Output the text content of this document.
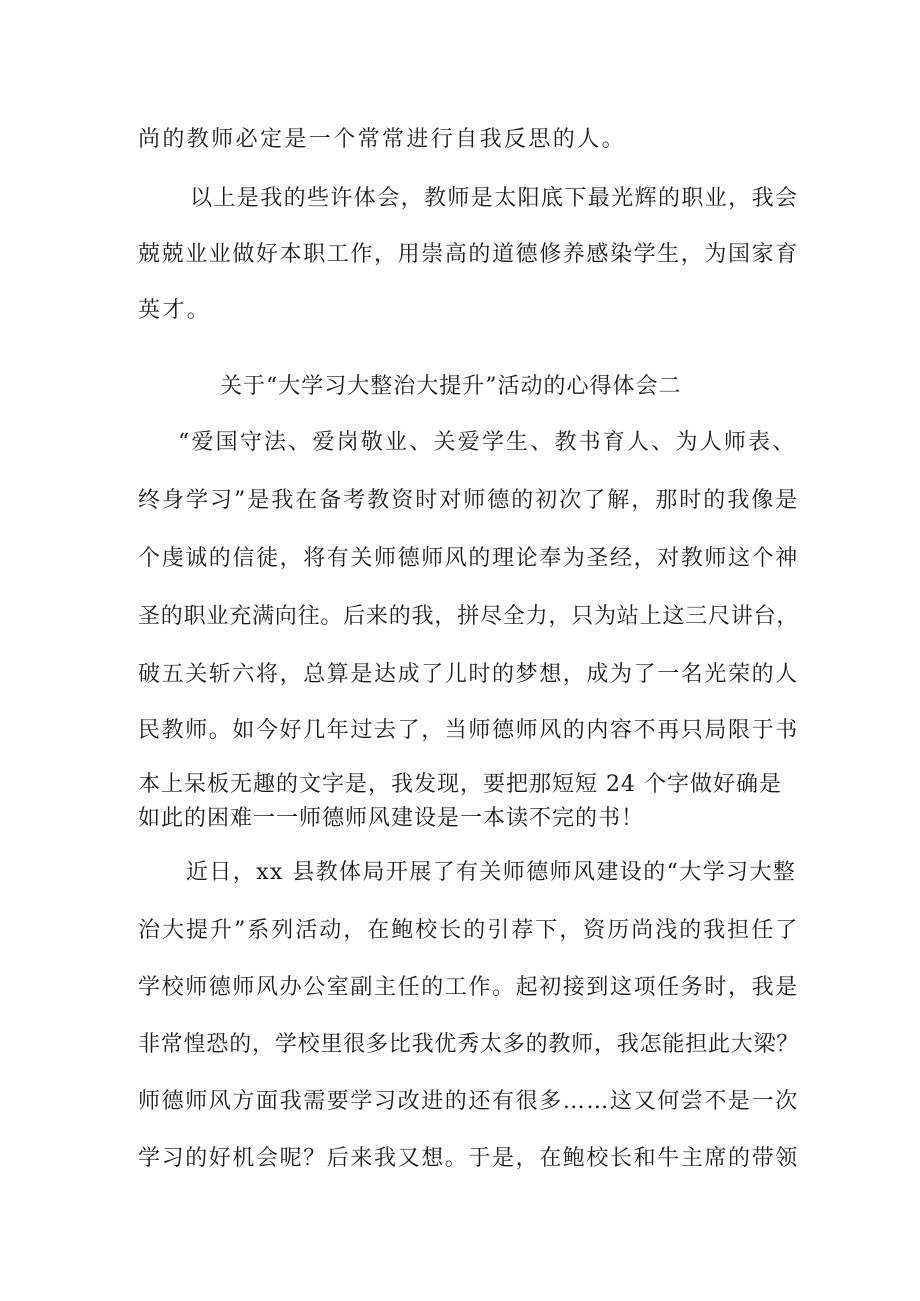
尚的教师必定是一个常常进行自我反思的人。
以上是我的些许体会，教师是太阳底下最光辉的职业，我会
兢兢业业做好本职工作，用崇高的道德修养感染学生，为国家育
英才。
关于“大学习大整治大提升”活动的心得体会二
“爱国守法、爱岗敬业、关爱学生、教书育人、为人师表、
终身学习”是我在备考教资时对师德的初次了解，那时的我像是
个虔诚的信徒，将有关师德师风的理论奉为圣经，对教师这个神
圣的职业充满向往。后来的我，拼尽全力，只为站上这三尺讲台，
破五关斩六将，总算是达成了儿时的梦想，成为了一名光荣的人
民教师。如今好几年过去了，当师德师风的内容不再只局限于书
本上呆板无趣的文字是，我发现，要把那短短 24 个字做好确是
如此的困难一一师德师风建设是一本读不完的书！
近日，xx 县教体局开展了有关师德师风建设的“大学习大整
治大提升”系列活动，在鲍校长的引荐下，资历尚浅的我担任了
学校师德师风办公室副主任的工作。起初接到这项任务时，我是
非常惶恐的，学校里很多比我优秀太多的教师，我怎能担此大梁？
师德师风方面我需要学习改进的还有很多……这又何尝不是一次
学习的好机会呢？后来我又想。于是，在鲍校长和牛主席的带领
